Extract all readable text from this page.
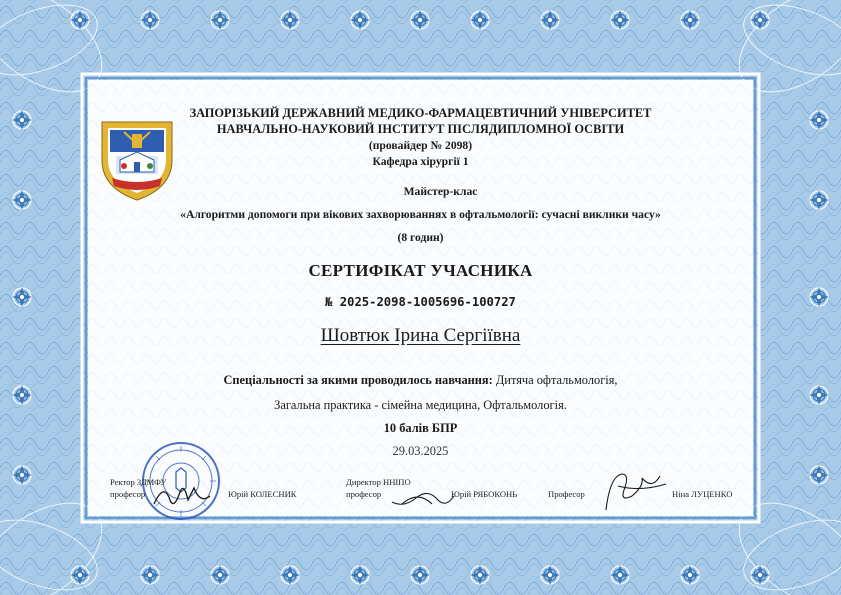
ЗАПОРІЗЬКИЙ ДЕРЖАВНИЙ МЕДИКО-ФАРМАЦЕВТИЧНИЙ УНІВЕРСИТЕТ
НАВЧАЛЬНО-НАУКОВИЙ ІНСТИТУТ ПІСЛЯДИПЛОМНОЇ ОСВІТИ
(провайдер № 2098)
Кафедра хірургії 1
Майстер-клас
«Алгоритми допомоги при вікових захворюваннях в офтальмології: сучасні виклики часу»
(8 годин)
СЕРТИФІКАТ УЧАСНИКА
№ 2025-2098-1005696-100727
Шовтюк Ірина Сергіївна
Спеціальності за якими проводилось навчання: Дитяча офтальмологія,
Загальна практика - сімейна медицина, Офтальмологія.
10 балів БПР
29.03.2025
Ректор ЗДМФУ
професор	Юрій КОЛЕСНИК
Директор ННІПО
професор	Юрій РЯБОКОНЬ	Професор	Ніна ЛУЦЕНКО
